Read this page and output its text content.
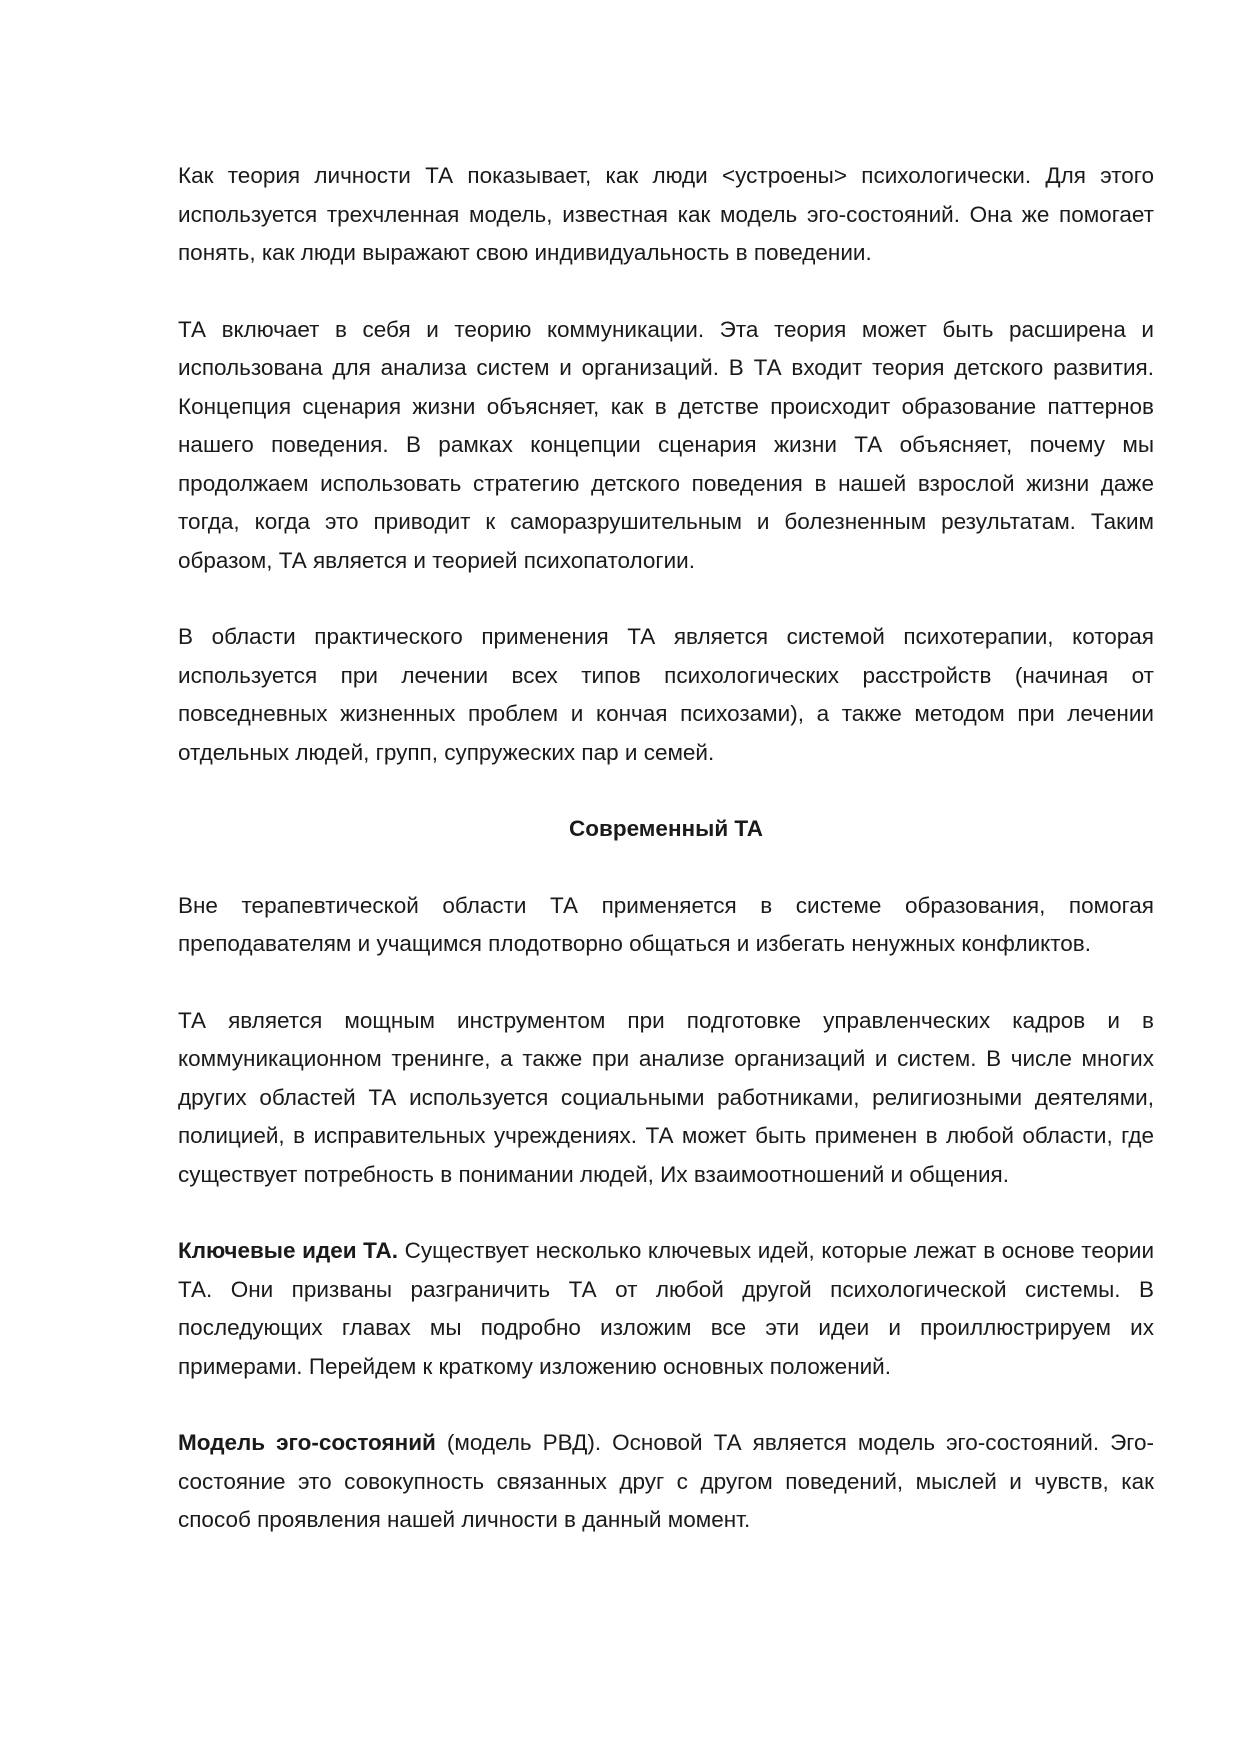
Как теория личности ТА показывает, как люди <устроены> психологически. Для этого используется трехчленная модель, известная как модель эго-состояний. Она же помогает понять, как люди выражают свою индивидуальность в поведении.

ТА включает в себя и теорию коммуникации. Эта теория может быть расширена и использована для анализа систем и организаций. В ТА входит теория детского развития. Концепция сценария жизни объясняет, как в детстве происходит образование паттернов нашего поведения. В рамках концепции сценария жизни ТА объясняет, почему мы продолжаем использовать стратегию детского поведения в нашей взрослой жизни даже тогда, когда это приводит к саморазрушительным и болезненным результатам. Таким образом, ТА является и теорией психопатологии.

В области практического применения ТА является системой психотерапии, которая используется при лечении всех типов психологических расстройств (начиная от повседневных жизненных проблем и кончая психозами), а также методом при лечении отдельных людей, групп, супружеских пар и семей.

Современный ТА

Вне терапевтической области ТА применяется в системе образования, помогая преподавателям и учащимся плодотворно общаться и избегать ненужных конфликтов.

ТА является мощным инструментом при подготовке управленческих кадров и в коммуникационном тренинге, а также при анализе организаций и систем. В числе многих других областей ТА используется социальными работниками, религиозными деятелями, полицией, в исправительных учреждениях. ТА может быть применен в любой области, где существует потребность в понимании людей, Их взаимоотношений и общения.

Ключевые идеи ТА. Существует несколько ключевых идей, которые лежат в основе теории ТА. Они призваны разграничить ТА от любой другой психологической системы. В последующих главах мы подробно изложим все эти идеи и проиллюстрируем их примерами. Перейдем к краткому изложению основных положений.

Модель эго-состояний (модель РВД). Основой ТА является модель эго-состояний. Эго-состояние это совокупность связанных друг с другом поведений, мыслей и чувств, как способ проявления нашей личности в данный момент.
